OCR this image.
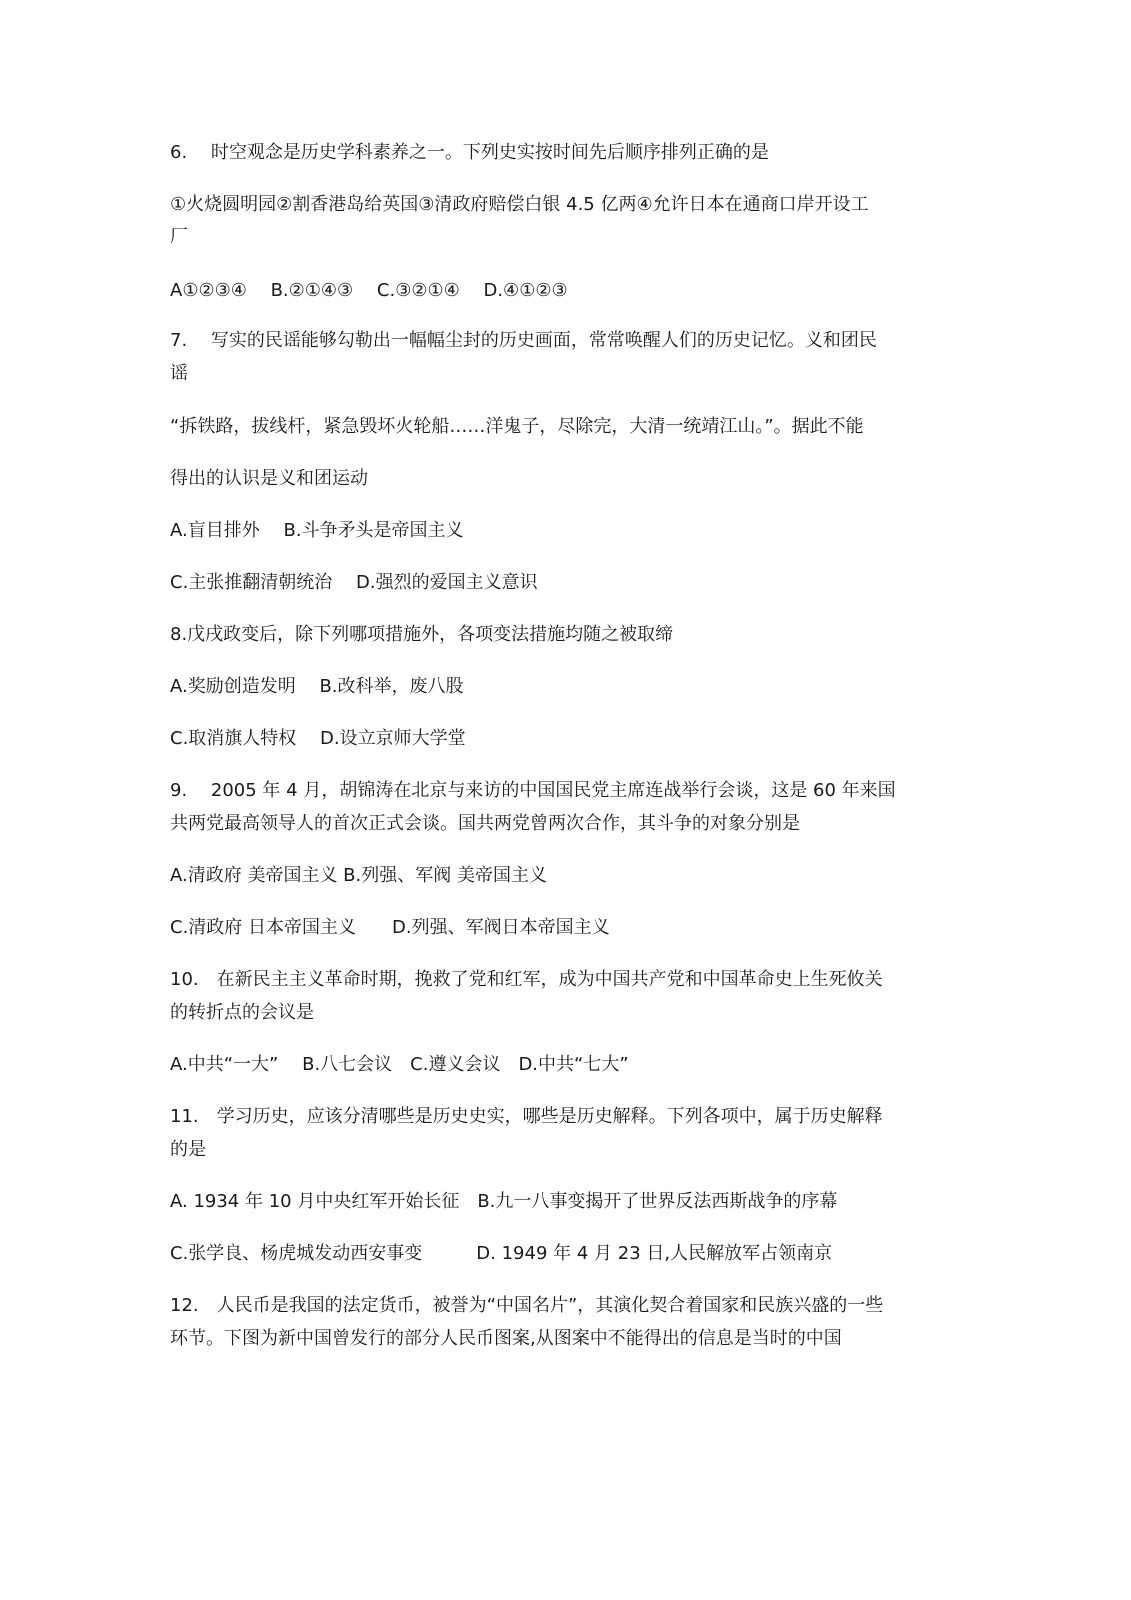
6.　 时空观念是历史学科素养之一。下列史实按时间先后顺序排列正确的是
①火烧圆明园②割香港岛给英国③清政府赔偿白银 4.5 亿两④允许日本在通商口岸开设工
厂
A①②③④　 B.②①④③　 C.③②①④　 D.④①②③
7.　 写实的民谣能够勾勒出一幅幅尘封的历史画面，常常唤醒人们的历史记忆。义和团民
谣
“拆铁路，拔线杆，紧急毁坏火轮船……洋鬼子，尽除完，大清一统靖江山。”。据此不能
得出的认识是义和团运动
A.盲目排外　 B.斗争矛头是帝国主义
C.主张推翻清朝统治　 D.强烈的爱国主义意识
8.戊戌政变后，除下列哪项措施外，各项变法措施均随之被取缔
A.奖励创造发明　 B.改科举，废八股
C.取消旗人特权　 D.设立京师大学堂
9.　 2005 年 4 月，胡锦涛在北京与来访的中国国民党主席连战举行会谈，这是 60 年来国
共两党最高领导人的首次正式会谈。国共两党曾两次合作，其斗争的对象分别是
A.清政府 美帝国主义 B.列强、军阀 美帝国主义
C.清政府 日本帝国主义　　D.列强、军阀日本帝国主义
10.　在新民主主义革命时期，挽救了党和红军，成为中国共产党和中国革命史上生死攸关
的转折点的会议是
A.中共“一大”　 B.八七会议　C.遵义会议　D.中共“七大”
11.　学习历史，应该分清哪些是历史史实，哪些是历史解释。下列各项中，属于历史解释
的是
A. 1934 年 10 月中央红军开始长征　B.九一八事变揭开了世界反法西斯战争的序幕
C.张学良、杨虎城发动西安事变　　　D. 1949 年 4 月 23 日,人民解放军占领南京
12.　人民币是我国的法定货币，被誉为“中国名片”，其演化契合着国家和民族兴盛的一些
环节。下图为新中国曾发行的部分人民币图案,从图案中不能得出的信息是当时的中国
